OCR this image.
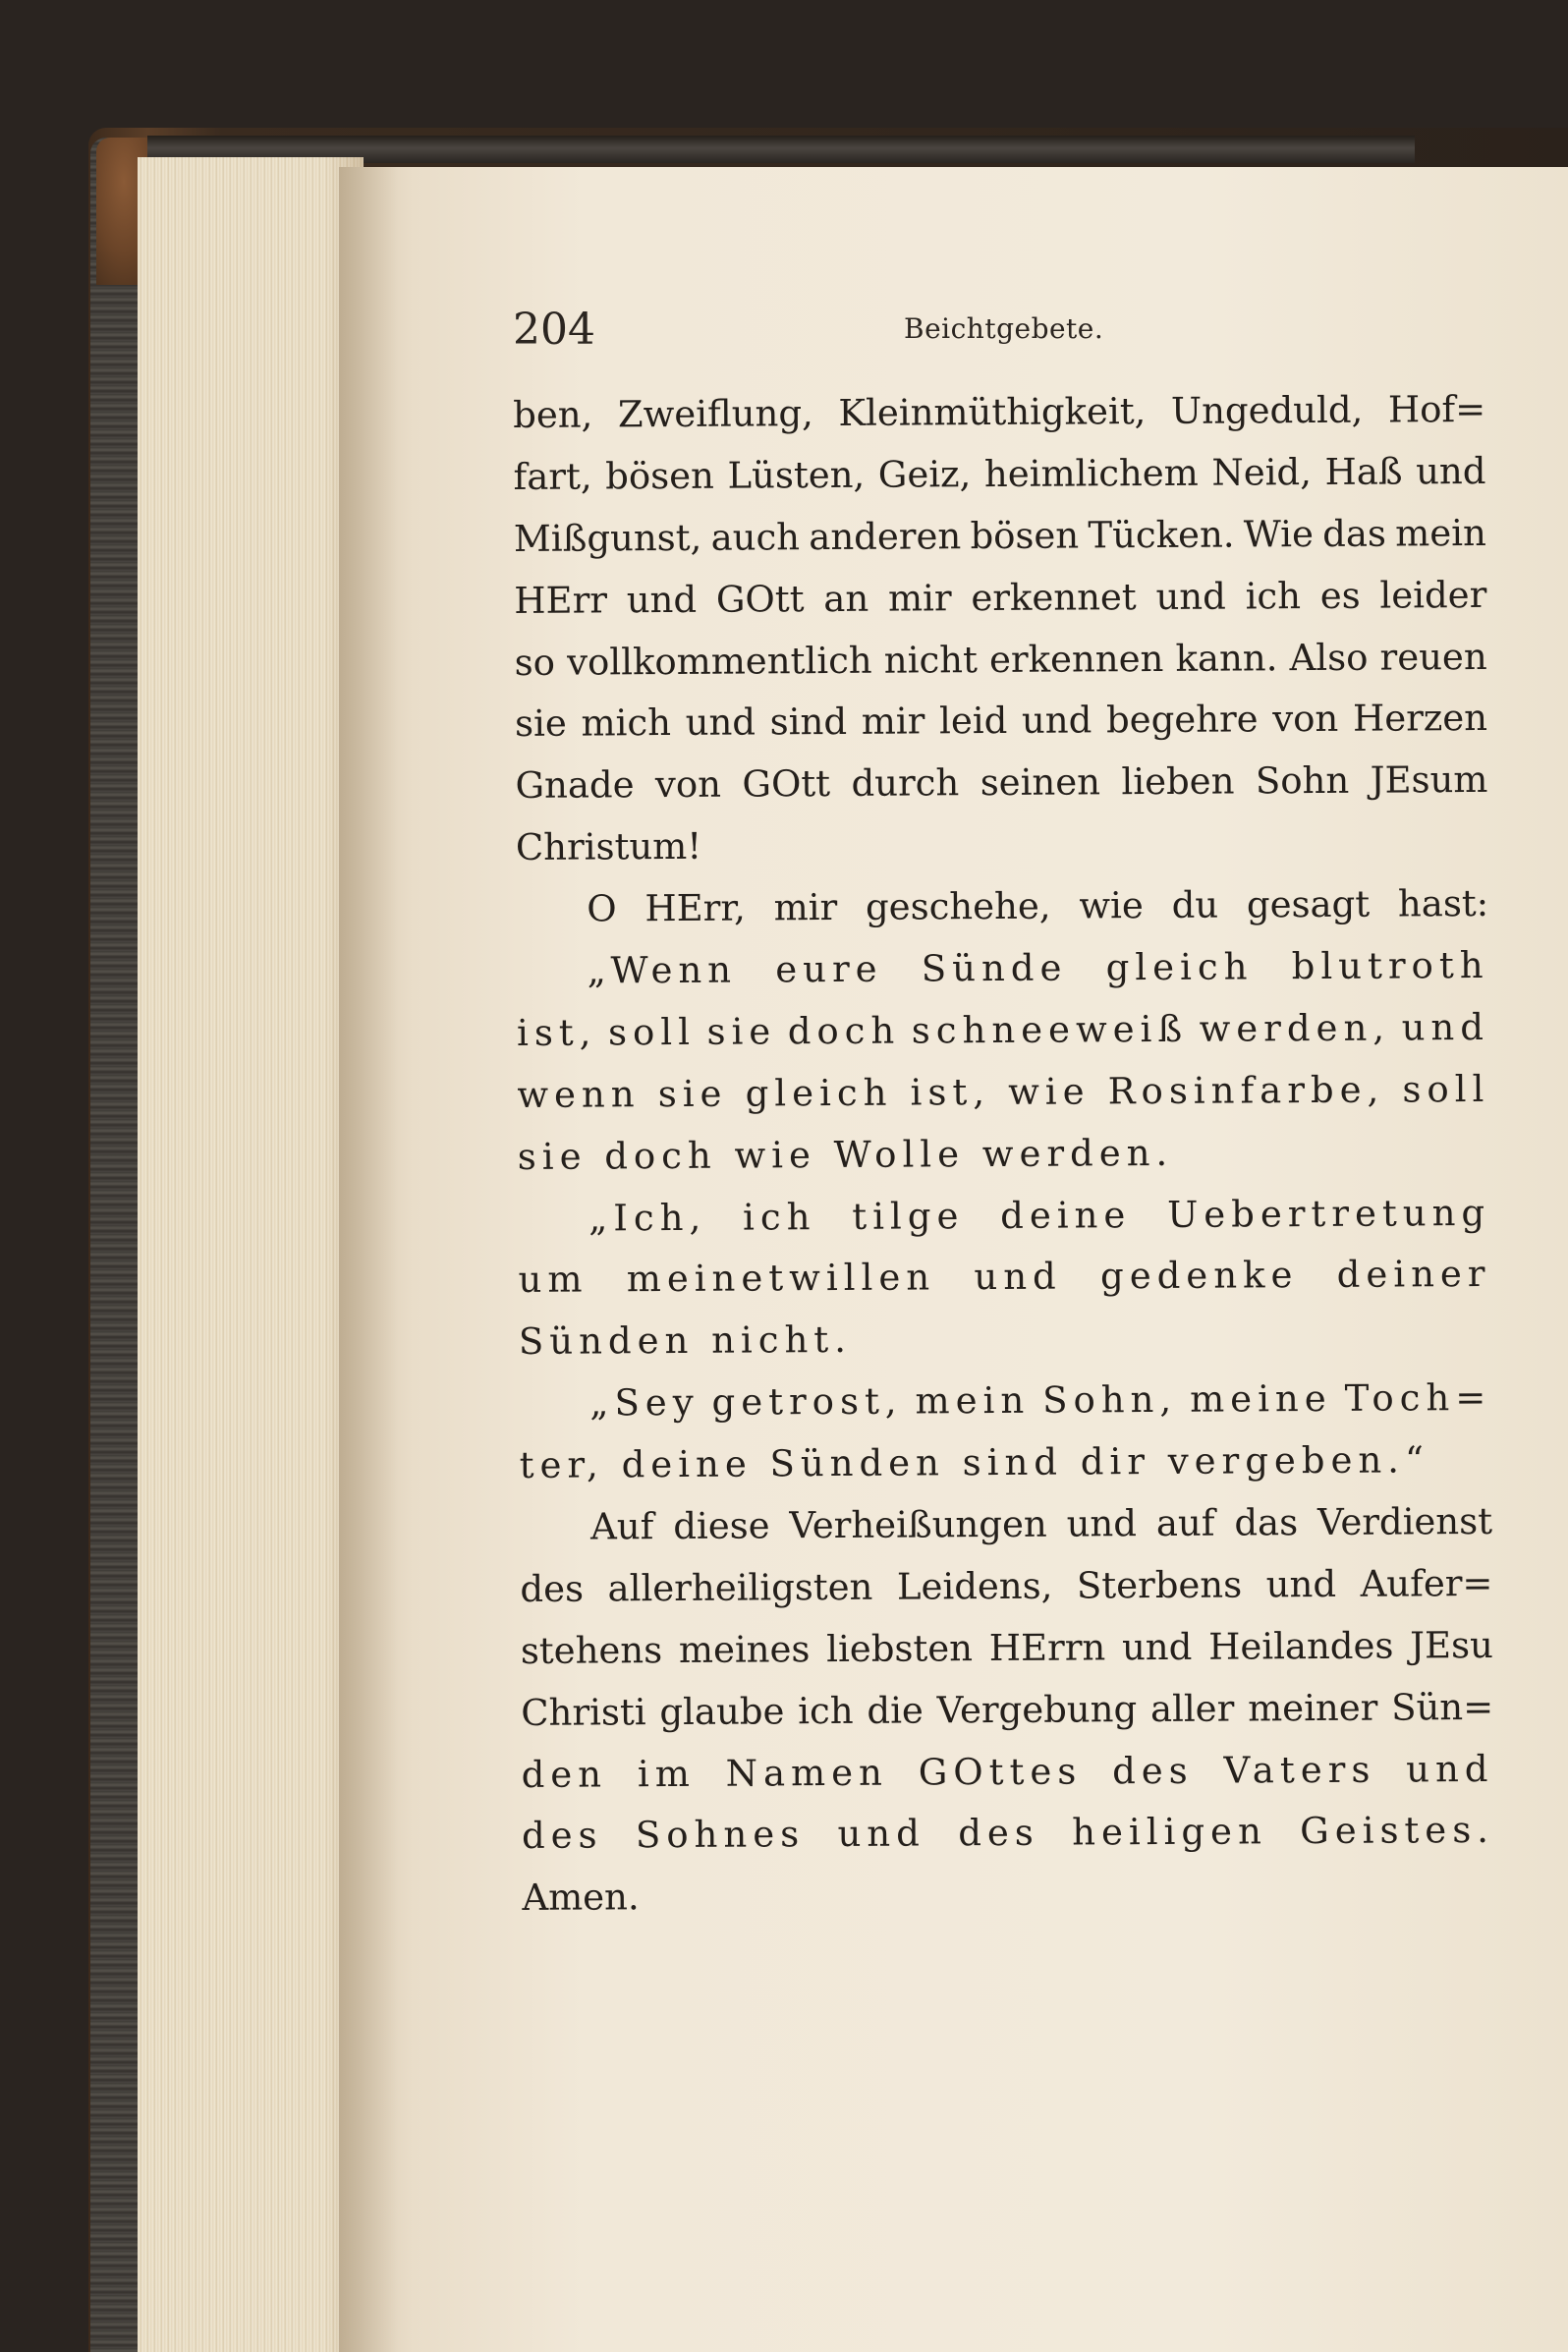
204	Beichtgebete.
ben, Zweiflung, Kleinmüthigkeit, Ungeduld, Hof=
fart, bösen Lüsten, Geiz, heimlichem Neid, Haß und
Mißgunst, auch anderen bösen Tücken. Wie das mein
HErr und GOtt an mir erkennet und ich es leider
so vollkommentlich nicht erkennen kann. Also reuen
sie mich und sind mir leid und begehre von Herzen
Gnade von GOtt durch seinen lieben Sohn JEsum
Christum!
O HErr, mir geschehe, wie du gesagt hast:
„Wenn eure Sünde gleich blutroth
ist, soll sie doch schneeweiß werden, und
wenn sie gleich ist, wie Rosinfarbe, soll
sie doch wie Wolle werden.
„Ich, ich tilge deine Uebertretung
um meinetwillen und gedenke deiner
Sünden nicht.
„Sey getrost, mein Sohn, meine Toch=
ter, deine Sünden sind dir vergeben.“
Auf diese Verheißungen und auf das Verdienst
des allerheiligsten Leidens, Sterbens und Aufer=
stehens meines liebsten HErrn und Heilandes JEsu
Christi glaube ich die Vergebung aller meiner Sün=
den im Namen GOttes des Vaters und
des Sohnes und des heiligen Geistes.
Amen.
